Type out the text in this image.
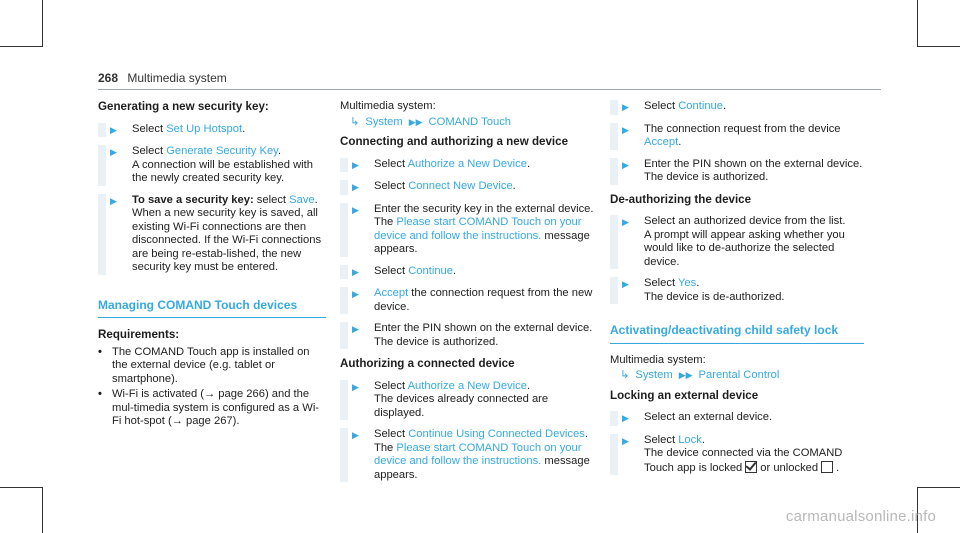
268 Multimedia system

Generating a new security key:

▶	Select Set Up Hotspot.
▶	Select Generate Security Key.

A connection will be established with the newly created security key.

▶	To save a security key: select Save.

When a new security key is saved, all existing Wi-Fi connections are then disconnected. If the Wi-Fi connections are being re-estab-lished, the new security key must be entered.

Managing COMAND Touch devices

Requirements:

• The COMAND Touch app is installed on the external device (e.g. tablet or smartphone).
• Wi-Fi is activated (→ page 266) and the mul-timedia system is configured as a Wi-Fi hot-spot (→ page 267).

Multimedia system:

↳ System ▶▶ COMAND Touch

Connecting and authorizing a new device

▶	Select Authorize a New Device.
▶	Select Connect New Device.
▶	Enter the security key in the external device. The Please start COMAND Touch on your device and follow the instructions. message appears.
▶	Select Continue.
▶	Accept the connection request from the new device.
▶	Enter the PIN shown on the external device.

The device is authorized.

Authorizing a connected device

▶	Select Authorize a New Device.

The devices already connected are displayed.

▶	Select Continue Using Connected Devices.

The Please start COMAND Touch on your device and follow the instructions. message appears.

▶	Select Continue.
▶	The connection request from the device Accept.
▶	Enter the PIN shown on the external device.

The device is authorized.

De-authorizing the device

▶	Select an authorized device from the list.

A prompt will appear asking whether you would like to de-authorize the selected device.

▶	Select Yes.

The device is de-authorized.

Activating/deactivating child safety lock

Multimedia system:

↳ System ▶▶ Parental Control

Locking an external device

▶	Select an external device.
▶	Select Lock.

The device connected via the COMAND Touch app is locked or unlocked .

carmanualsonline.info
